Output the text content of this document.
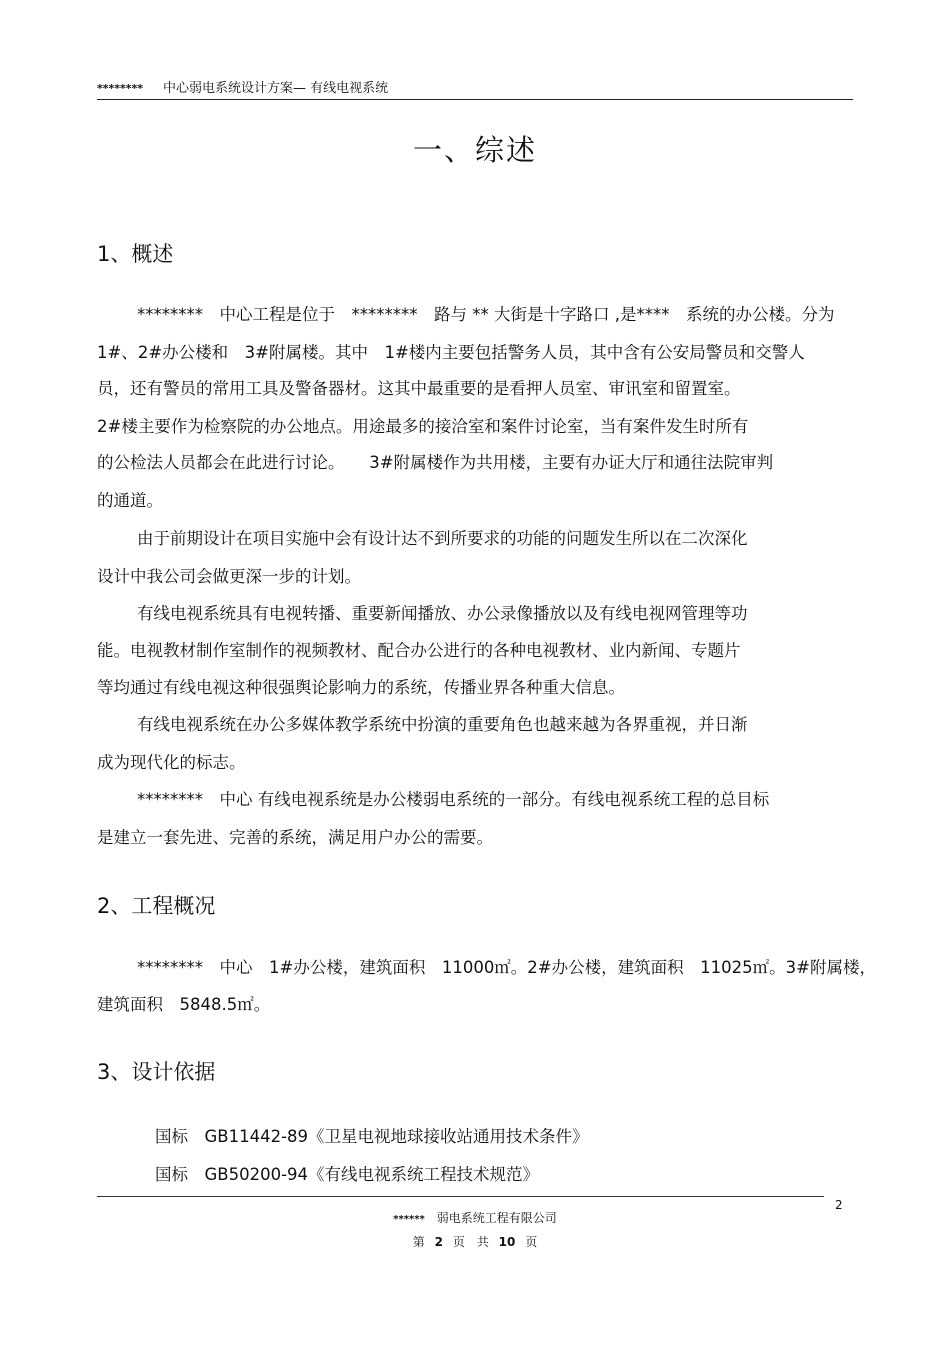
******** 中心弱电系统设计方案— 有线电视系统
一、综述
1、概述
********　中心工程是位于　********　路与 ** 大街是十字路口 ,是****　系统的办公楼。分为
1#、2#办公楼和　3#附属楼。其中　1#楼内主要包括警务人员，其中含有公安局警员和交警人
员，还有警员的常用工具及警备器材。这其中最重要的是看押人员室、审讯室和留置室。
2#楼主要作为检察院的办公地点。用途最多的接洽室和案件讨论室，当有案件发生时所有
的公检法人员都会在此进行讨论。　　3#附属楼作为共用楼，主要有办证大厅和通往法院审判
的通道。
由于前期设计在项目实施中会有设计达不到所要求的功能的问题发生所以在二次深化
设计中我公司会做更深一步的计划。
有线电视系统具有电视转播、重要新闻播放、办公录像播放以及有线电视网管理等功
能。电视教材制作室制作的视频教材、配合办公进行的各种电视教材、业内新闻、专题片
等均通过有线电视这种很强舆论影响力的系统，传播业界各种重大信息。
有线电视系统在办公多媒体教学系统中扮演的重要角色也越来越为各界重视，并日渐
成为现代化的标志。
********　中心 有线电视系统是办公楼弱电系统的一部分。有线电视系统工程的总目标
是建立一套先进、完善的系统，满足用户办公的需要。
2、工程概况
********　中心　1#办公楼，建筑面积　11000㎡。2#办公楼，建筑面积　11025㎡。3#附属楼，
建筑面积　5848.5㎡。
3、设计依据
国标　GB11442-89《卫星电视地球接收站通用技术条件》
国标　GB50200-94《有线电视系统工程技术规范》
2
****** 弱电系统工程有限公司
第 2 页　共 10 页
